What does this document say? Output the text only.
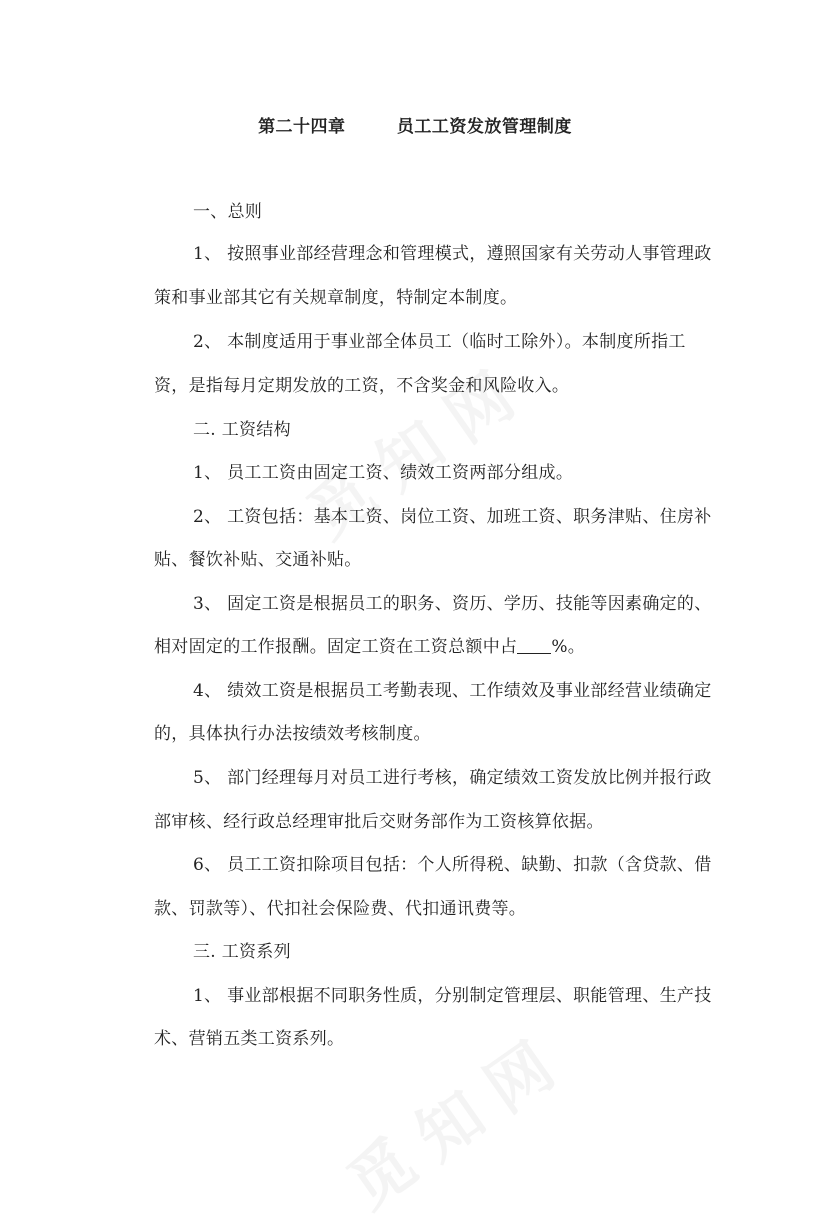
第二十四章        员工工资发放管理制度
一、总则
1、 按照事业部经营理念和管理模式，遵照国家有关劳动人事管理政
策和事业部其它有关规章制度，特制定本制度。
2、 本制度适用于事业部全体员工（临时工除外）。本制度所指工
资，是指每月定期发放的工资，不含奖金和风险收入。
二. 工资结构
1、 员工工资由固定工资、绩效工资两部分组成。
2、 工资包括：基本工资、岗位工资、加班工资、职务津贴、住房补
贴、餐饮补贴、交通补贴。
3、 固定工资是根据员工的职务、资历、学历、技能等因素确定的、
相对固定的工作报酬。固定工资在工资总额中占 %。
4、 绩效工资是根据员工考勤表现、工作绩效及事业部经营业绩确定
的，具体执行办法按绩效考核制度。
5、 部门经理每月对员工进行考核，确定绩效工资发放比例并报行政
部审核、经行政总经理审批后交财务部作为工资核算依据。
6、 员工工资扣除项目包括：个人所得税、缺勤、扣款（含贷款、借
款、罚款等）、代扣社会保险费、代扣通讯费等。
三. 工资系列
1、 事业部根据不同职务性质，分别制定管理层、职能管理、生产技
术、营销五类工资系列。
